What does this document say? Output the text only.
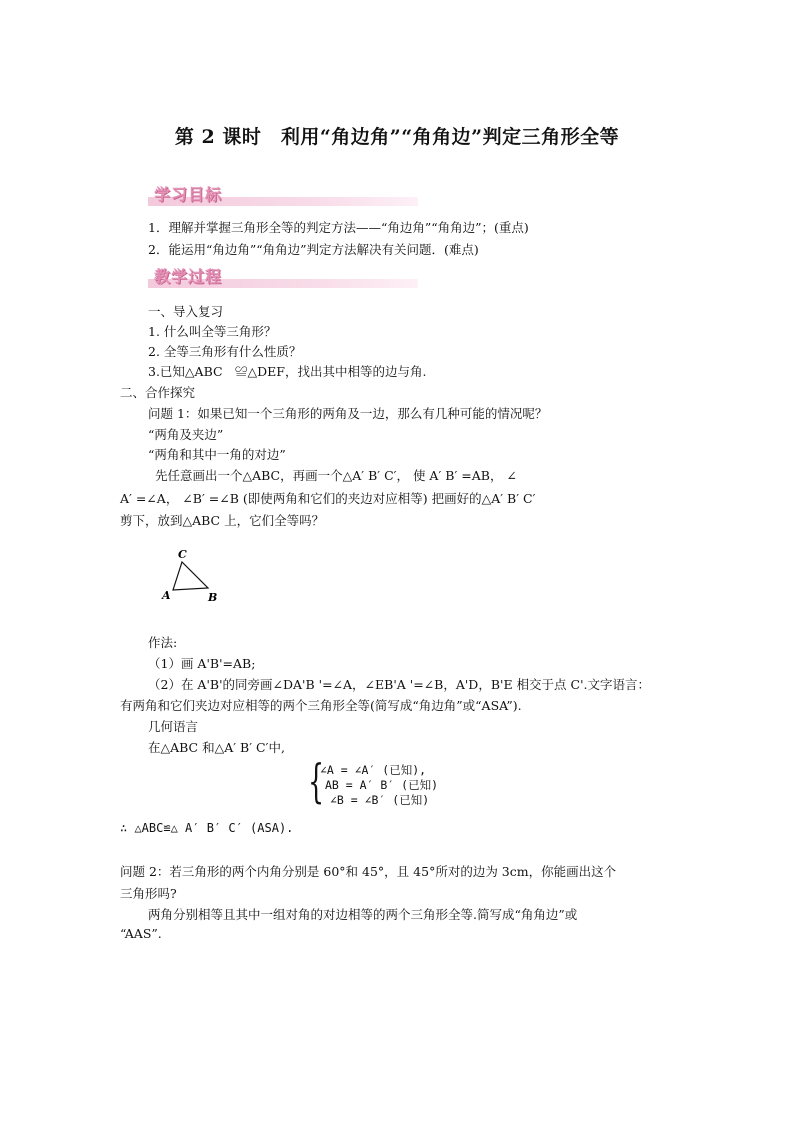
第 2 课时　利用“角边角”“角角边”判定三角形全等
学习目标
1．理解并掌握三角形全等的判定方法——“角边角”“角角边”；(重点)
2．能运用“角边角”“角角边”判定方法解决有关问题．(难点)
教学过程
一、导入复习
1. 什么叫全等三角形？
2. 全等三角形有什么性质？
3.已知△ABC　≌△DEF，找出其中相等的边与角.
二、合作探究
问题 1：如果已知一个三角形的两角及一边，那么有几种可能的情况呢？
“两角及夹边”
“两角和其中一角的对边”
先任意画出一个△ABC，再画一个△A′ B′ C′， 使 A′ B′ =AB， ∠
A′ =∠A， ∠B′ =∠B (即使两角和它们的夹边对应相等) 把画好的△A′ B′ C′
剪下，放到△ABC 上，它们全等吗？
C
A	B
作法:
（1）画 A'B'=AB;
（2）在 A'B'的同旁画∠DA'B '=∠A，∠EB'A '=∠B，A'D，B'E 相交于点 C'.文字语言：
有两角和它们夹边对应相等的两个三角形全等(简写成“角边角”或“ASA”).
几何语言
在△ABC 和△A′ B′ C′中,
{
∠A = ∠A′ (已知),
AB = A′ B′ (已知)
∠B = ∠B′ (已知)
∴ △ABC≌△ A′ B′ C′ (ASA).
问题 2：若三角形的两个内角分别是 60°和 45°，且 45°所对的边为 3cm，你能画出这个
三角形吗?
两角分别相等且其中一组对角的对边相等的两个三角形全等.简写成“角角边”或
“AAS”.
